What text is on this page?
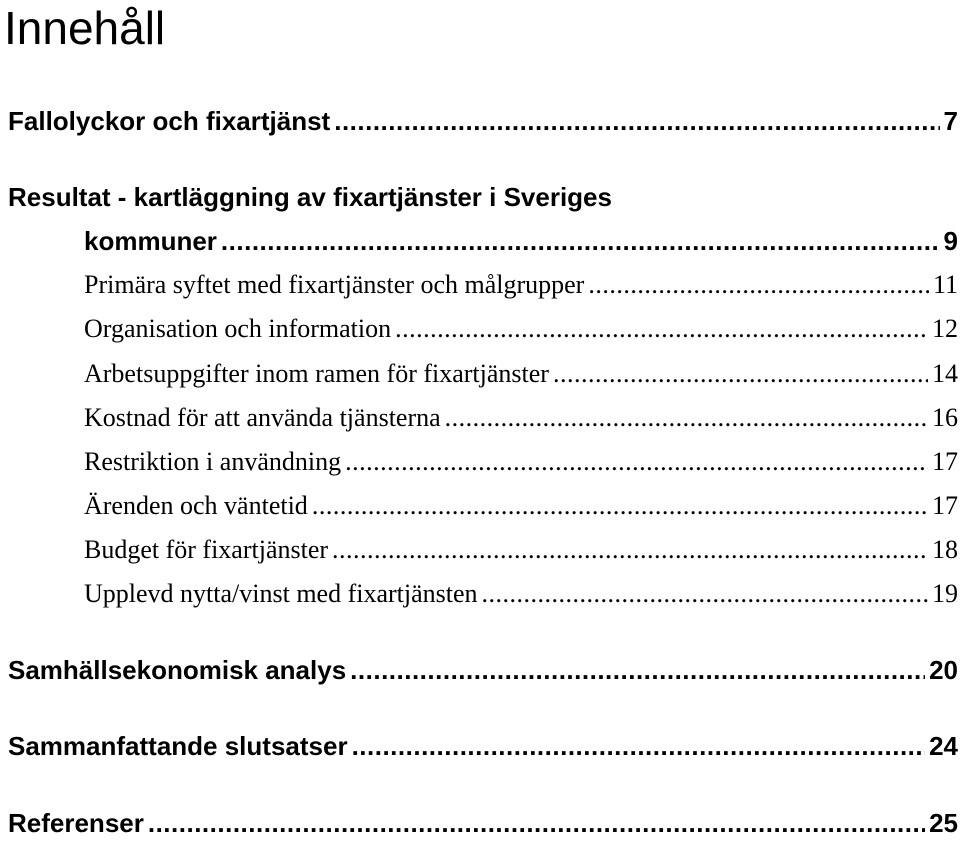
Innehåll
Fallolyckor och fixartjänst .....	7
Resultat - kartläggning av fixartjänster i Sveriges
kommuner .....	9
Primära syftet med fixartjänster och målgrupper .....	11
Organisation och information .....	12
Arbetsuppgifter inom ramen för fixartjänster .....	14
Kostnad för att använda tjänsterna .....	16
Restriktion i användning .....	17
Ärenden och väntetid .....	17
Budget för fixartjänster .....	18
Upplevd nytta/vinst med fixartjänsten .....	19
Samhällsekonomisk analys .....	20
Sammanfattande slutsatser .....	24
Referenser .....	25
